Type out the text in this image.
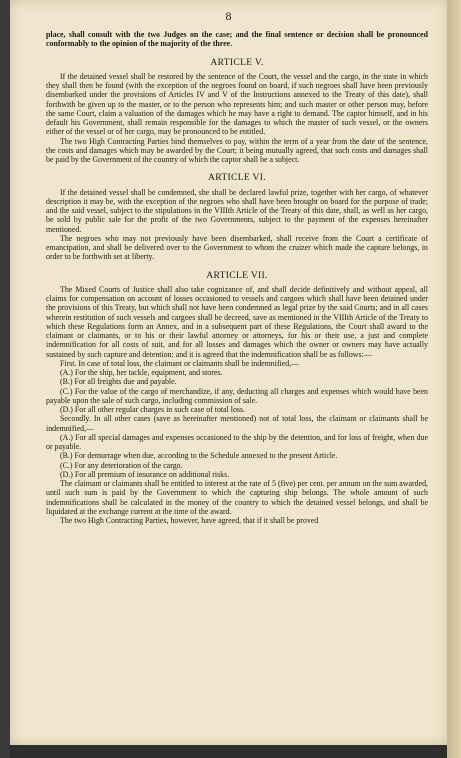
8

place, shall consult with the two Judges on the case; and the final sentence or decision shall be pronounced conformably to the opinion of the majority of the three.

ARTICLE V.

If the detained vessel shall be restored by the sentence of the Court, the vessel and the cargo, in the state in which they shall then be found (with the exception of the negroes found on board, if such negroes shall have been previously disembarked under the provisions of Articles IV and V of the Instructions annexed to the Treaty of this date), shall forthwith be given up to the master, or to the person who represents him; and such master or other person may, before the same Court, claim a valuation of the damages which he may have a right to demand. The captor himself, and in his default his Government, shall remain responsible for the damages to which the master of such vessel, or the owners either of the vessel or of her cargo, may be pronounced to be entitled.

The two High Contracting Parties bind themselves to pay, within the term of a year from the date of the sentence, the costs and damages which may be awarded by the Court; it being mutually agreed, that such costs and damages shall be paid by the Government of the country of which the captor shall be a subject.

ARTICLE VI.

If the detained vessel shall be condemned, she shall be declared lawful prize, together with her cargo, of whatever description it may be, with the exception of the negroes who shall have been brought on board for the purpose of trade; and the said vessel, subject to the stipulations in the VIIIth Article of the Treaty of this date, shall, as well as her cargo, be sold by public sale for the profit of the two Governments, subject to the payment of the expenses hereinafter mentioned.

The negroes who may not previously have been disembarked, shall receive from the Court a certificate of emancipation, and shall be delivered over to the Government to whom the cruizer which made the capture belongs, in order to be forthwith set at liberty.

ARTICLE VII.

The Mixed Courts of Justice shall also take cognizance of, and shall decide definitively and without appeal, all claims for compensation on account of losses occasioned to vessels and cargoes which shall have been detained under the provisions of this Treaty, but which shall not have been condemned as legal prize by the said Courts; and in all cases wherein restitution of such vessels and cargoes shall be decreed, save as mentioned in the VIIIth Article of the Treaty to which these Regulations form an Annex, and in a subsequent part of these Regulations, the Court shall award to the claimant or claimants, or to his or their lawful attorney or attorneys, for his or their use, a just and complete indemnification for all costs of suit, and for all losses and damages which the owner or owners may have actually sustained by such capture and detention: and it is agreed that the indemnification shall be as follows:—

First. In case of total loss, the claimant or claimants shall be indemnified,—

(A.) For the ship, her tackle, equipment, and stores.

(B.) For all freights due and payable.

(C.) For the value of the cargo of merchandize, if any, deducting all charges and expenses which would have been payable upon the sale of such cargo, including commission of sale.

(D.) For all other regular charges in such case of total loss.

Secondly. In all other cases (save as hereinafter mentioned) not of total loss, the claimant or claimants shall be indemnified,—

(A.) For all special damages and expenses occasioned to the ship by the detention, and for loss of freight, when due or payable.

(B.) For demurrage when due, according to the Schedule annexed to the present Article.

(C.) For any deterioration of the cargo.

(D.) For all premium of insurance on additional risks.

The claimant or claimants shall be entitled to interest at the rate of 5 (five) per cent. per annum on the sum awarded, until such sum is paid by the Government to which the capturing ship belongs. The whole amount of such indemnifications shall be calculated in the money of the country to which the detained vessel belongs, and shall be liquidated at the exchange current at the time of the award.

The two High Contracting Parties, however, have agreed, that if it shall be proved
